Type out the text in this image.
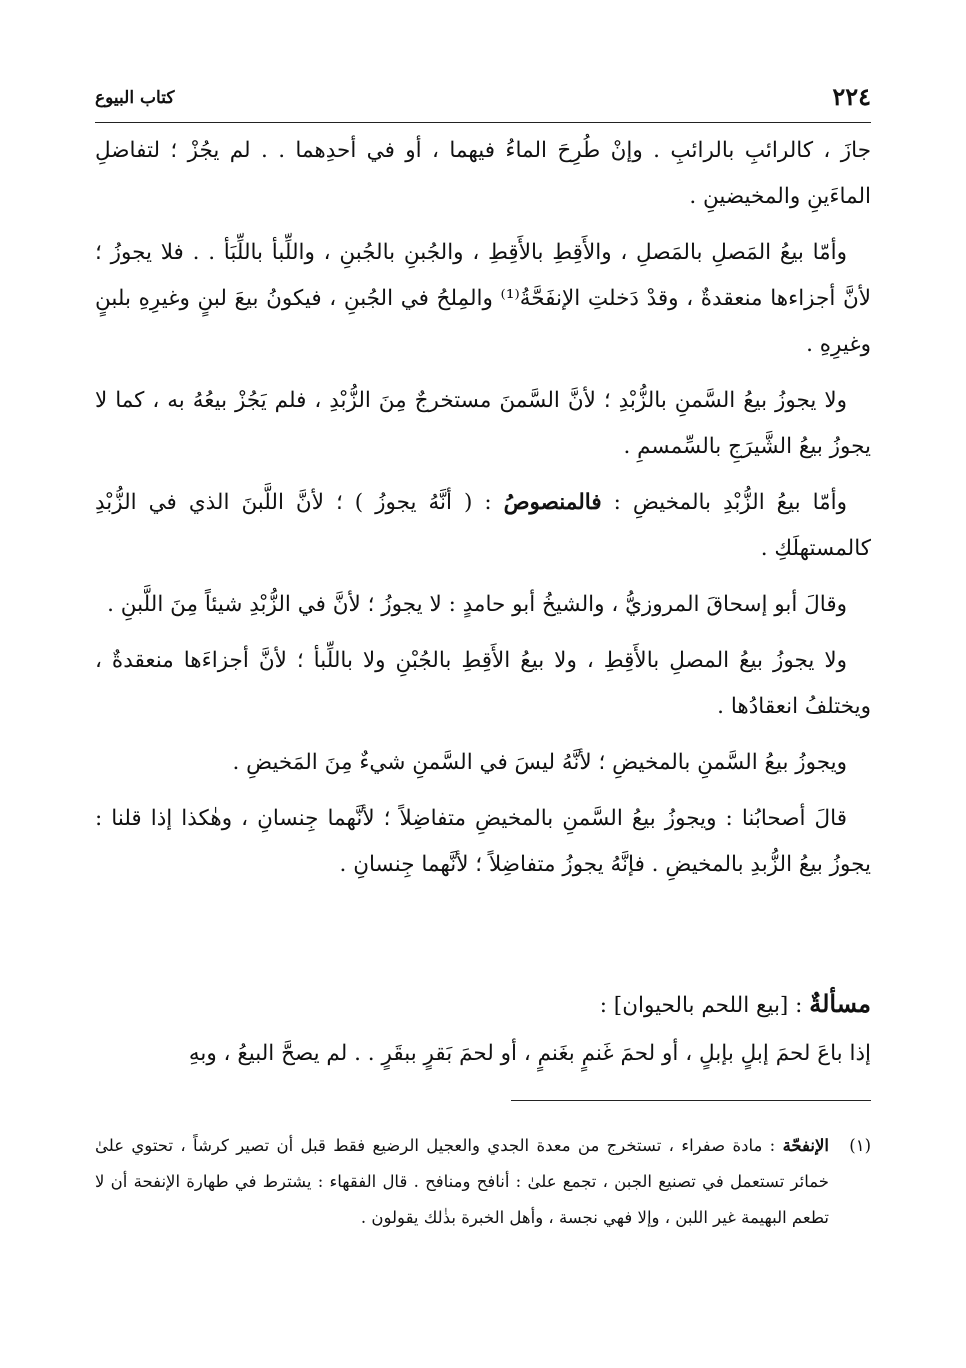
٢٢٤
كتاب البيوع

جازَ ، كالرائبِ بالرائبِ . وإنْ طُرِحَ الماءُ فيهما ، أو في أحدِهما . . لم يجُزْ ؛ لتفاضلِ الماءَينِ والمخيضينِ .

وأمّا بيعُ المَصلِ بالمَصلِ ، والأَقِطِ بالأَقِطِ ، والجُبنِ بالجُبنِ ، واللِّبأ باللِّبَأ . . فلا يجوزُ ؛ لأنَّ أجزاءها منعقدةٌ ، وقدْ دَخلتِ الإنفَحَّةُ⁽¹⁾ والمِلحُ في الجُبنِ ، فيكونُ بيعَ لبنٍ وغيرِهِ بلبنٍ وغيرِهِ .

ولا يجوزُ بيعُ السَّمنِ بالزُّبْدِ ؛ لأنَّ السَّمنَ مستخرجٌ مِنَ الزُّبْدِ ، فلم يَجُزْ بيعُهُ به ، كما لا يجوزُ بيعُ الشَّيرَجِ بالسِّمسمِ .

وأمّا بيعُ الزُّبْدِ بالمخيضِ : فالمنصوصُ : ( أنَّهُ يجوزُ ) ؛ لأنَّ اللَّبنَ الذي في الزُّبْدِ كالمستهلَكِ .

وقالَ أبو إسحاقَ المروزيُّ ، والشيخُ أبو حامدٍ : لا يجوزُ ؛ لأنَّ في الزُّبْدِ شيئاً مِنَ اللَّبنِ .

ولا يجوزُ بيعُ المصلِ بالأَقِطِ ، ولا بيعُ الأَقِطِ بالجُبْنِ ولا باللِّبأ ؛ لأنَّ أجزاءَها منعقدةٌ ، ويختلفُ انعقادُها .

ويجوزُ بيعُ السَّمنِ بالمخيضِ ؛ لأنَّهُ ليسَ في السَّمنِ شيءٌ مِنَ المَخيضِ .

قالَ أصحابُنا : ويجوزُ بيعُ السَّمنِ بالمخيضِ متفاضِلاً ؛ لأنَّهما جِنسانِ ، وهٰكذا إذا قلنا : يجوزُ بيعُ الزُّبدِ بالمخيضِ . فإنَّهُ يجوزُ متفاضِلاً ؛ لأنَّهما جِنسانِ .

مسألةٌ : [بيع اللحم بالحيوان] :

إذا باعَ لحمَ إبلٍ بإبلٍ ، أو لحمَ غَنمٍ بغَنمٍ ، أو لحمَ بَقرٍ ببقَرٍ . . لم يصحَّ البيعُ ، وبهِ

(١)
الإنفحّة : مادة صفراء ، تستخرج من معدة الجدي والعجيل الرضيع فقط قبل أن تصير كرشاً ، تحتوي علىٰ خمائر تستعمل في تصنيع الجبن ، تجمع علىٰ : أنافح ومنافح . قال الفقهاء : يشترط في طهارة الإنفحة أن لا تطعم البهيمة غير اللبن ، وإلا فهي نجسة ، وأهل الخبرة بذٰلك يقولون .
